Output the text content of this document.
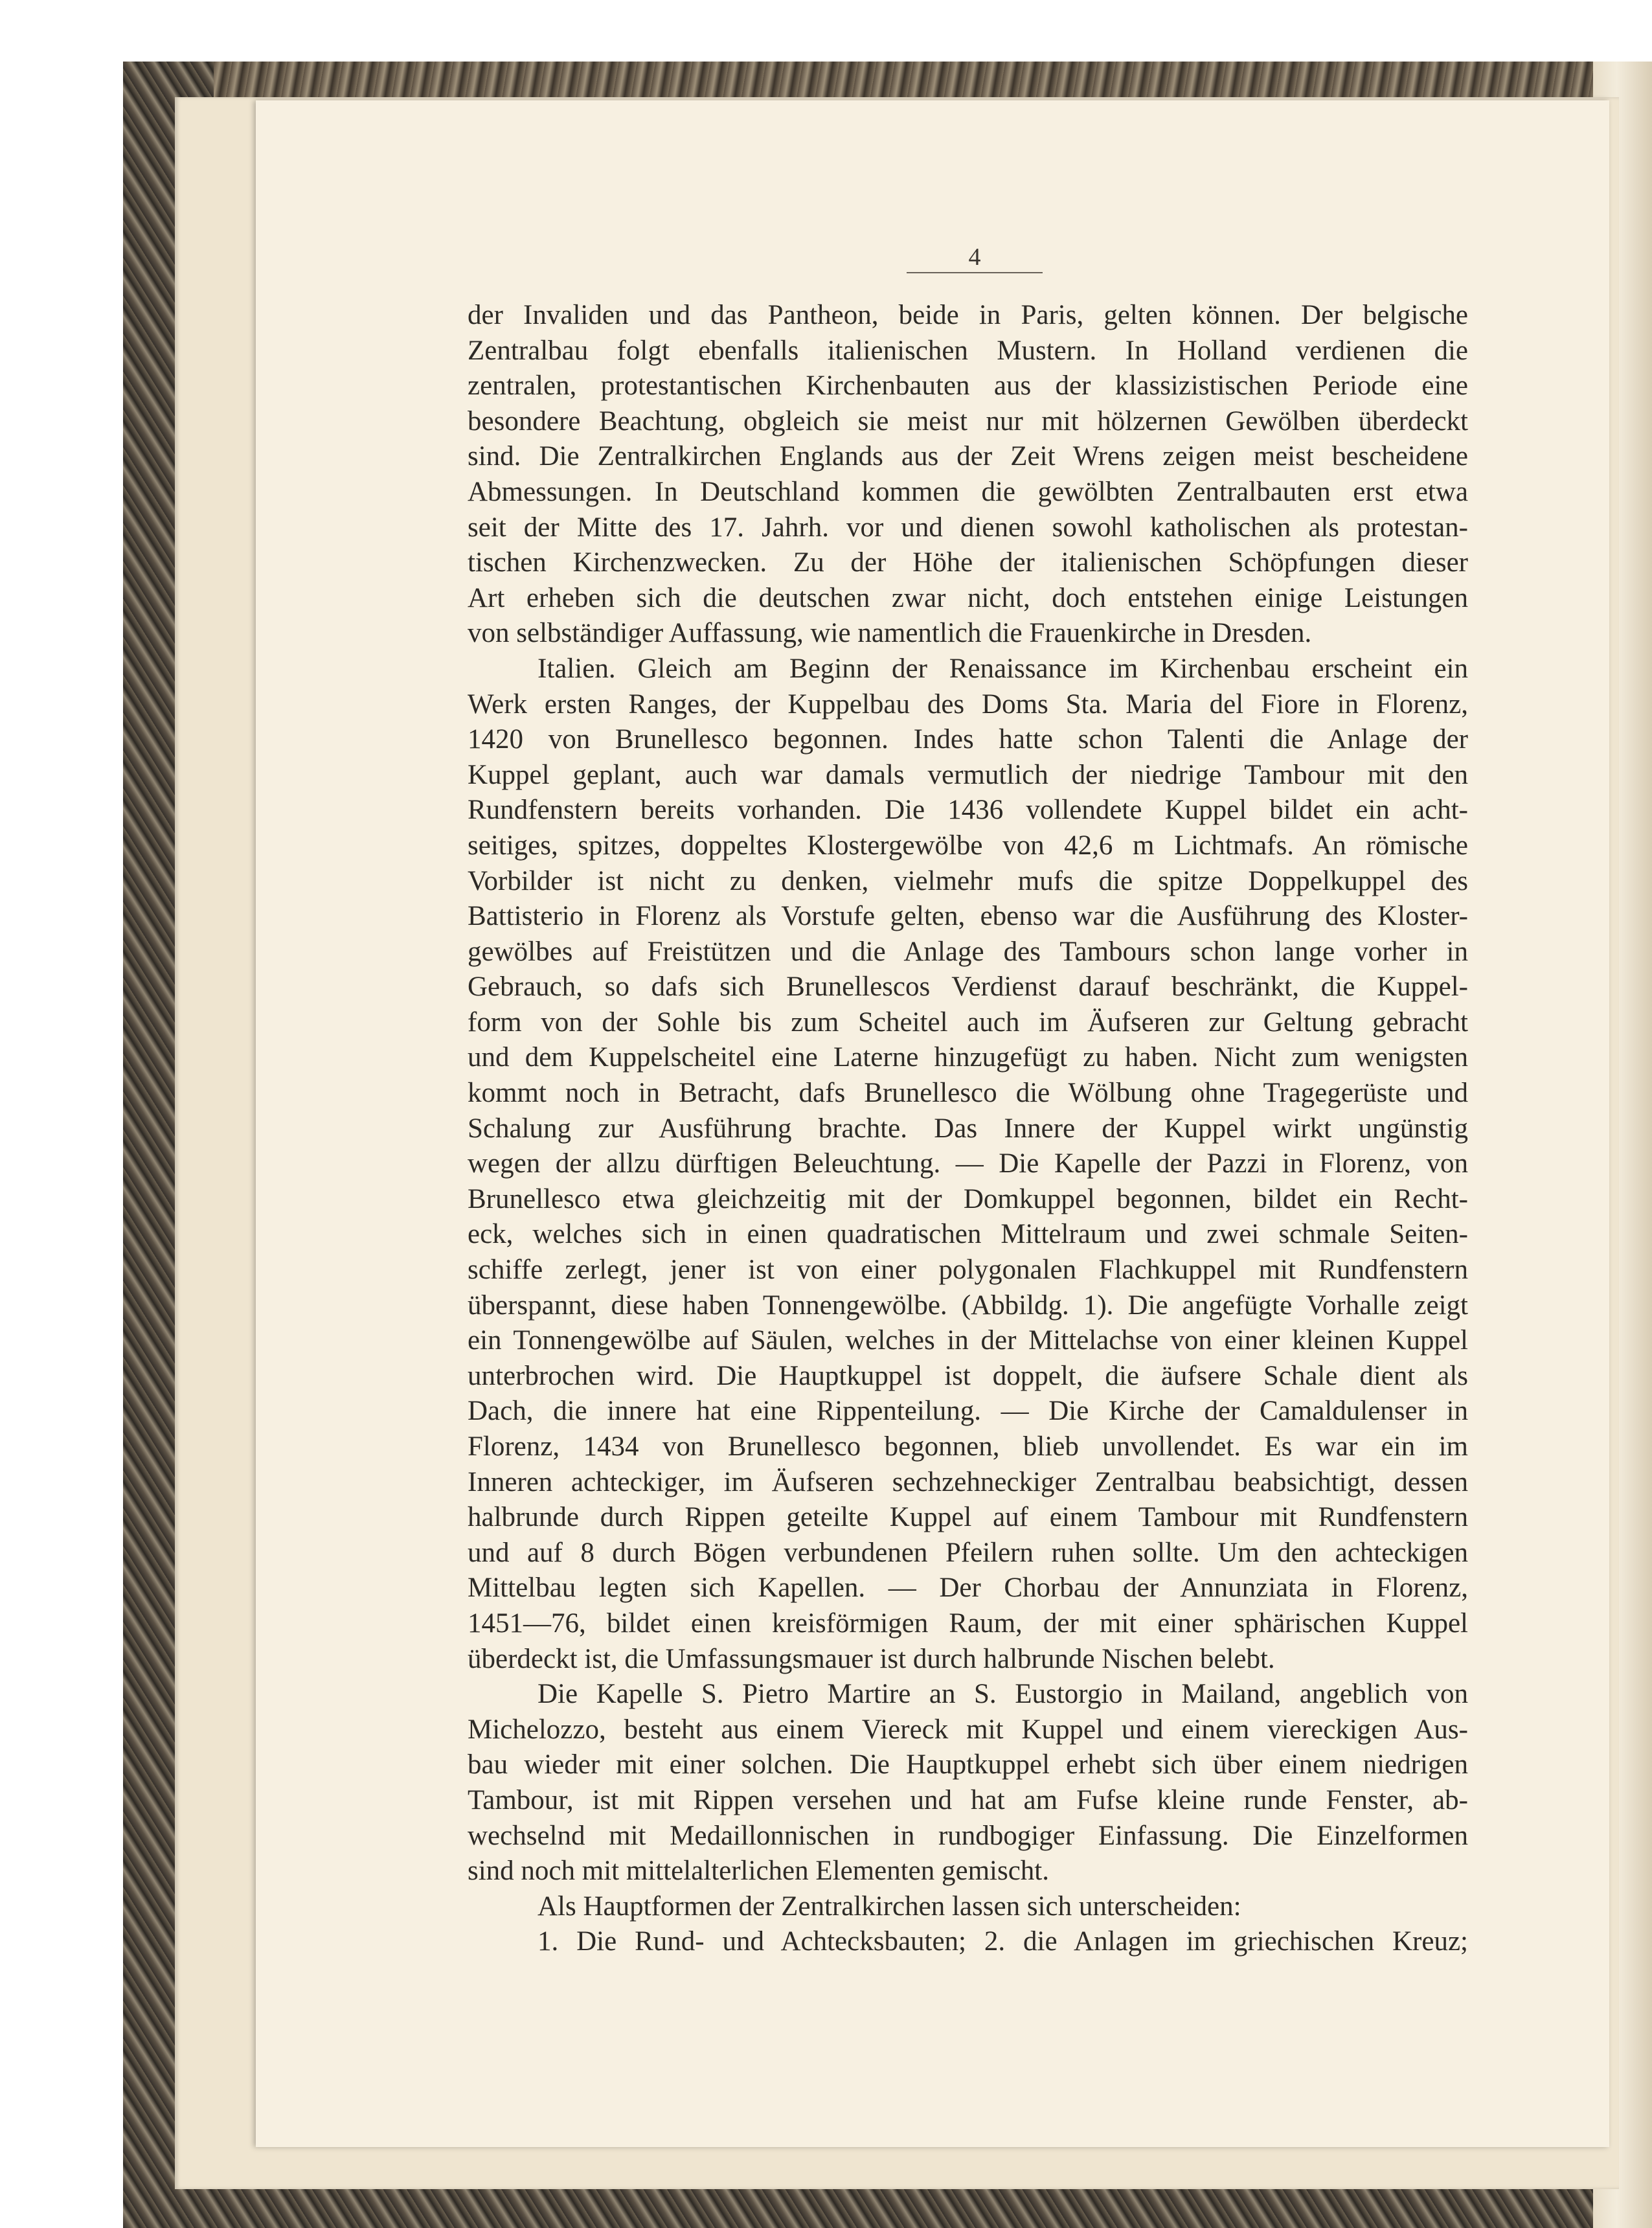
4
der Invaliden und das Pantheon, beide in Paris, gelten können. Der belgische
Zentralbau folgt ebenfalls italienischen Mustern. In Holland verdienen die
zentralen, protestantischen Kirchenbauten aus der klassizistischen Periode eine
besondere Beachtung, obgleich sie meist nur mit hölzernen Gewölben überdeckt
sind. Die Zentralkirchen Englands aus der Zeit Wrens zeigen meist bescheidene
Abmessungen. In Deutschland kommen die gewölbten Zentralbauten erst etwa
seit der Mitte des 17. Jahrh. vor und dienen sowohl katholischen als protestan-
tischen Kirchenzwecken. Zu der Höhe der italienischen Schöpfungen dieser
Art erheben sich die deutschen zwar nicht, doch entstehen einige Leistungen
von selbständiger Auffassung, wie namentlich die Frauenkirche in Dresden.
Italien. Gleich am Beginn der Renaissance im Kirchenbau erscheint ein
Werk ersten Ranges, der Kuppelbau des Doms Sta. Maria del Fiore in Florenz,
1420 von Brunellesco begonnen. Indes hatte schon Talenti die Anlage der
Kuppel geplant, auch war damals vermutlich der niedrige Tambour mit den
Rundfenstern bereits vorhanden. Die 1436 vollendete Kuppel bildet ein acht-
seitiges, spitzes, doppeltes Klostergewölbe von 42,6 m Lichtmafs. An römische
Vorbilder ist nicht zu denken, vielmehr mufs die spitze Doppelkuppel des
Battisterio in Florenz als Vorstufe gelten, ebenso war die Ausführung des Kloster-
gewölbes auf Freistützen und die Anlage des Tambours schon lange vorher in
Gebrauch, so dafs sich Brunellescos Verdienst darauf beschränkt, die Kuppel-
form von der Sohle bis zum Scheitel auch im Äufseren zur Geltung gebracht
und dem Kuppelscheitel eine Laterne hinzugefügt zu haben. Nicht zum wenigsten
kommt noch in Betracht, dafs Brunellesco die Wölbung ohne Tragegerüste und
Schalung zur Ausführung brachte. Das Innere der Kuppel wirkt ungünstig
wegen der allzu dürftigen Beleuchtung. — Die Kapelle der Pazzi in Florenz, von
Brunellesco etwa gleichzeitig mit der Domkuppel begonnen, bildet ein Recht-
eck, welches sich in einen quadratischen Mittelraum und zwei schmale Seiten-
schiffe zerlegt, jener ist von einer polygonalen Flachkuppel mit Rundfenstern
überspannt, diese haben Tonnengewölbe. (Abbildg. 1). Die angefügte Vorhalle zeigt
ein Tonnengewölbe auf Säulen, welches in der Mittelachse von einer kleinen Kuppel
unterbrochen wird. Die Hauptkuppel ist doppelt, die äufsere Schale dient als
Dach, die innere hat eine Rippenteilung. — Die Kirche der Camaldulenser in
Florenz, 1434 von Brunellesco begonnen, blieb unvollendet. Es war ein im
Inneren achteckiger, im Äufseren sechzehneckiger Zentralbau beabsichtigt, dessen
halbrunde durch Rippen geteilte Kuppel auf einem Tambour mit Rundfenstern
und auf 8 durch Bögen verbundenen Pfeilern ruhen sollte. Um den achteckigen
Mittelbau legten sich Kapellen. — Der Chorbau der Annunziata in Florenz,
1451—76, bildet einen kreisförmigen Raum, der mit einer sphärischen Kuppel
überdeckt ist, die Umfassungsmauer ist durch halbrunde Nischen belebt.
Die Kapelle S. Pietro Martire an S. Eustorgio in Mailand, angeblich von
Michelozzo, besteht aus einem Viereck mit Kuppel und einem viereckigen Aus-
bau wieder mit einer solchen. Die Hauptkuppel erhebt sich über einem niedrigen
Tambour, ist mit Rippen versehen und hat am Fufse kleine runde Fenster, ab-
wechselnd mit Medaillonnischen in rundbogiger Einfassung. Die Einzelformen
sind noch mit mittelalterlichen Elementen gemischt.
Als Hauptformen der Zentralkirchen lassen sich unterscheiden:
1. Die Rund- und Achtecksbauten; 2. die Anlagen im griechischen Kreuz;
